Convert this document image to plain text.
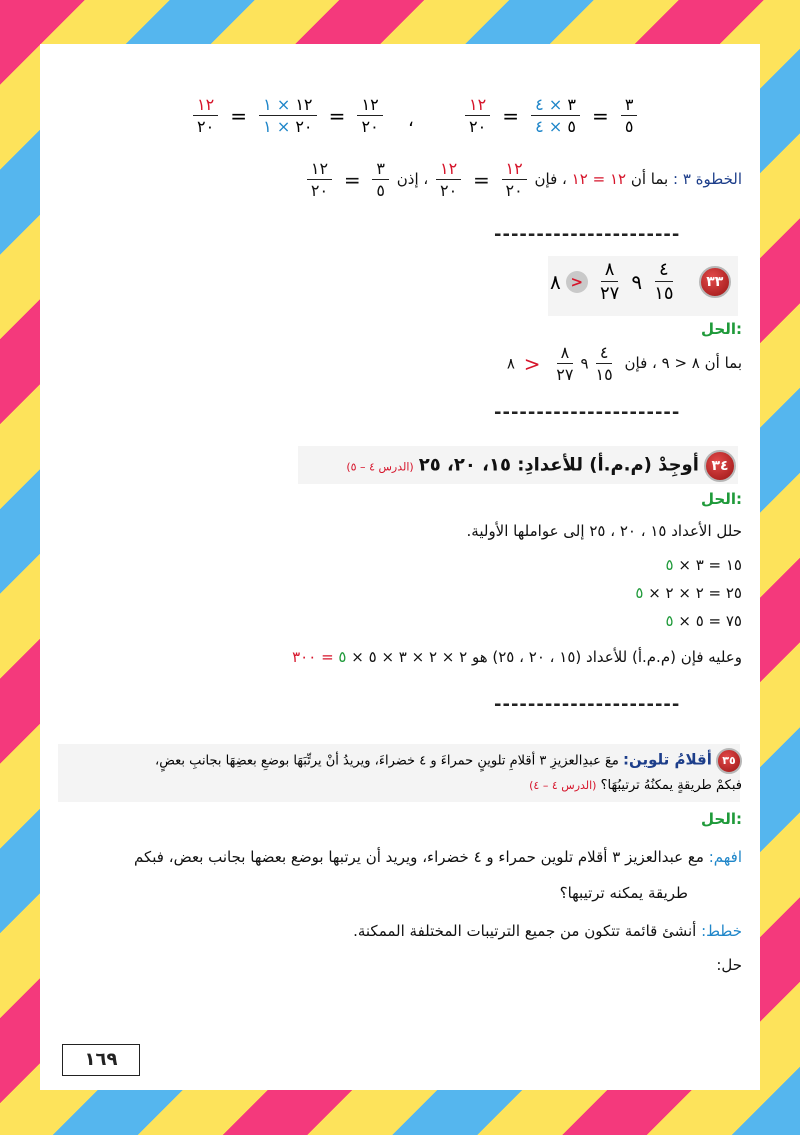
$\frac{١٢}{٢٠} = \frac{١٢ \times ١}{٢٠ \times ١} = \frac{١٢}{٢٠}$ ،	$\frac{١٢}{٢٠} = \frac{٣ \times ٤}{٥ \times ٤} = \frac{٣}{٥}$
الخطوة ٣ : بما أن ١٢ = ١٢ ، فإن
$\frac{١٢}{٢٠} = \frac{١٢}{٢٠}$
، إذن
$\frac{١٢}{٢٠} = \frac{٣}{٥}$
----------------------
٩
$\frac{٨}{٢٧}$
> ٨	$\frac{٤}{١٥}$ ٣٣
الحل:
بما أن ٨ < ٩ ، فإن ٩
$\frac{٨}{٢٧}$
< ٨	$\frac{٤}{١٥}$
----------------------
٣٤ أوجِدْ (م.م.أ) للأعدادِ: ١٥، ٢٠، ٢٥ (الدرس ٤ – ٥)
الحل:
حلل الأعداد ١٥ ، ٢٠ ، ٢٥ إلى عواملها الأولية.
١٥ = ٣ × ٥
٢٥ = ٢ × ٢ × ٥
٧٥ = ٥ × ٥
وعليه فإن (م.م.أ) للأعداد (١٥ ، ٢٠ ، ٢٥) هو ٢ × ٢ × ٣ × ٥ × ٥ = ٣٠٠
----------------------
٣٥ أقلامُ تلوين: معَ عبدِالعزيزِ ٣ أقلامِ تلوينٍ حمراءَ و ٤ خضراءَ، ويريدُ أنْ يرتِّبَهَا بوضعِ بعضِهَا بجانبِ بعضٍ،
فبكمْ طريقةٍ يمكنُهُ ترتيبُهَا؟ (الدرس ٤ – ٤)
الحل:
افهم: مع عبدالعزيز ٣ أقلام تلوين حمراء و ٤ خضراء، ويريد أن يرتبها بوضع بعضها بجانب بعض، فبكم
طريقة يمكنه ترتيبها؟
خطط: أنشئ قائمة تتكون من جميع الترتيبات المختلفة الممكنة.
حل:
١٦٩
